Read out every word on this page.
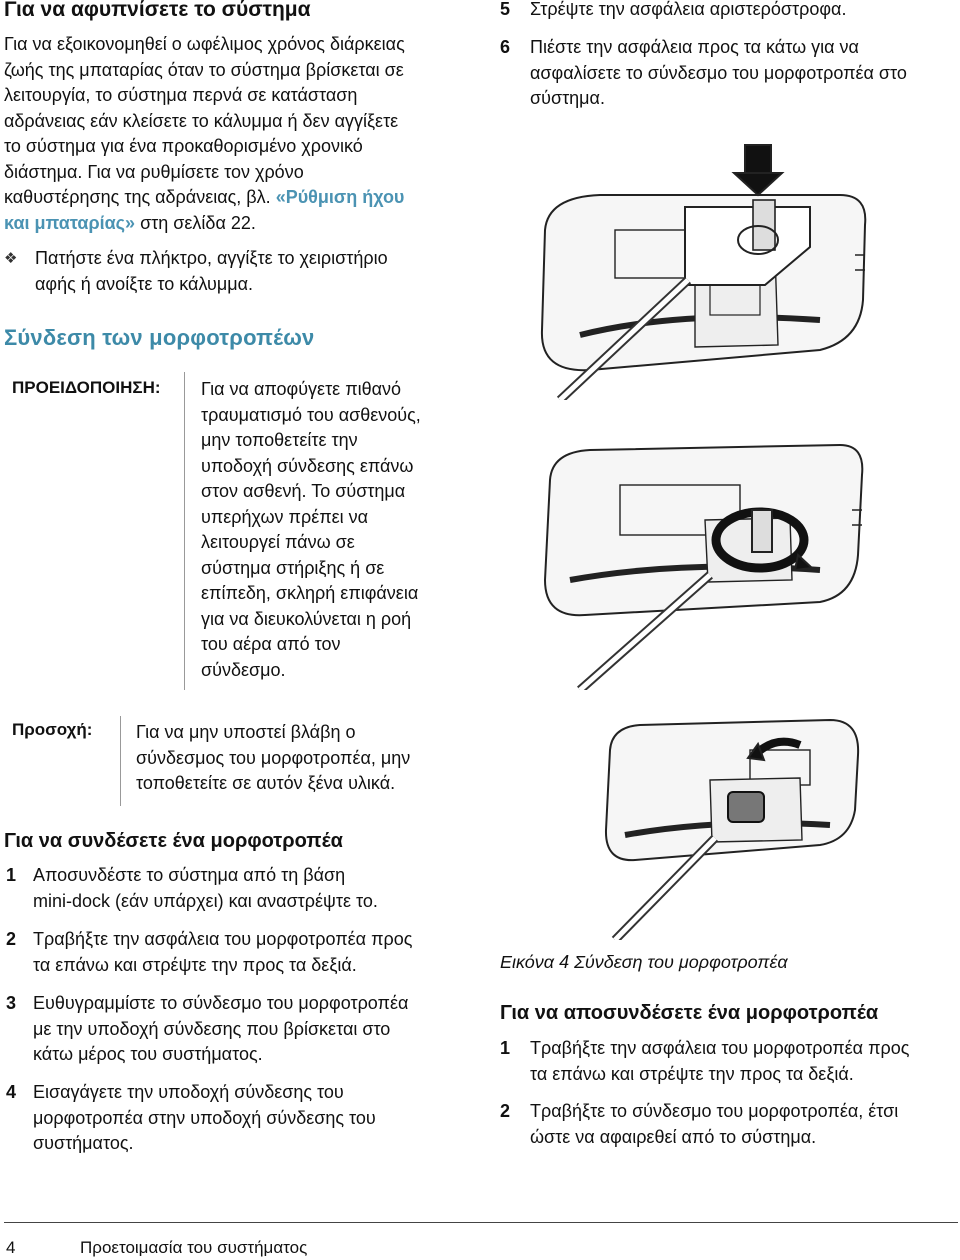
Για να αφυπνίσετε το σύστημα
Για να εξοικονομηθεί ο ωφέλιμος χρόνος διάρκειας
ζωής της μπαταρίας όταν το σύστημα βρίσκεται σε
λειτουργία, το σύστημα περνά σε κατάσταση
αδράνειας εάν κλείσετε το κάλυμμα ή δεν αγγίξετε
το σύστημα για ένα προκαθορισμένο χρονικό
διάστημα. Για να ρυθμίσετε τον χρόνο
καθυστέρησης της αδράνειας, βλ. «Ρύθμιση ήχου
και μπαταρίας» στη σελίδα 22.
❖ Πατήστε ένα πλήκτρο, αγγίξτε το χειριστήριο
αφής ή ανοίξτε το κάλυμμα.
Σύνδεση των μορφοτροπέων
ΠΡΟΕΙΔΟΠΟΙΗΣΗ: Για να αποφύγετε πιθανό
τραυματισμό του ασθενούς,
μην τοποθετείτε την
υποδοχή σύνδεσης επάνω
στον ασθενή. Το σύστημα
υπερήχων πρέπει να
λειτουργεί πάνω σε
σύστημα στήριξης ή σε
επίπεδη, σκληρή επιφάνεια
για να διευκολύνεται η ροή
του αέρα από τον
σύνδεσμο.
Προσοχή: Για να μην υποστεί βλάβη ο
σύνδεσμος του μορφοτροπέα, μην
τοποθετείτε σε αυτόν ξένα υλικά.
Για να συνδέσετε ένα μορφοτροπέα
1 Αποσυνδέστε το σύστημα από τη βάση
mini-dock (εάν υπάρχει) και αναστρέψτε το.
2 Τραβήξτε την ασφάλεια του μορφοτροπέα προς
τα επάνω και στρέψτε την προς τα δεξιά.
3 Ευθυγραμμίστε το σύνδεσμο του μορφοτροπέα
με την υποδοχή σύνδεσης που βρίσκεται στο
κάτω μέρος του συστήματος.
4 Εισαγάγετε την υποδοχή σύνδεσης του
μορφοτροπέα στην υποδοχή σύνδεσης του
συστήματος.
5 Στρέψτε την ασφάλεια αριστερόστροφα.
6 Πιέστε την ασφάλεια προς τα κάτω για να
ασφαλίσετε το σύνδεσμο του μορφοτροπέα στο
σύστημα.
Εικόνα 4 Σύνδεση του μορφοτροπέα
Για να αποσυνδέσετε ένα μορφοτροπέα
1 Τραβήξτε την ασφάλεια του μορφοτροπέα προς
τα επάνω και στρέψτε την προς τα δεξιά.
2 Τραβήξτε το σύνδεσμο του μορφοτροπέα, έτσι
ώστε να αφαιρεθεί από το σύστημα.
4	Προετοιμασία του συστήματος
